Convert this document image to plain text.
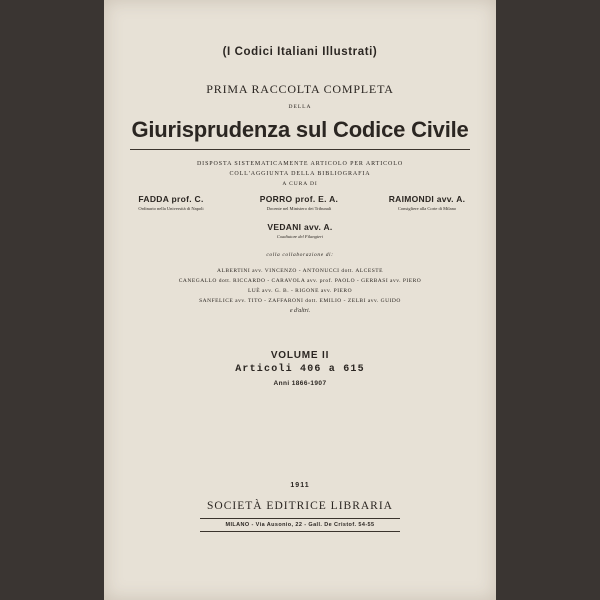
(I Codici Italiani Illustrati)
PRIMA RACCOLTA COMPLETA
DELLA
Giurisprudenza sul Codice Civile
DISPOSTA SISTEMATICAMENTE ARTICOLO PER ARTICOLO
COLL'AGGIUNTA DELLA BIBLIOGRAFIA
A CURA DI
FADDA prof. C.
Ordinario nella Università di Napoli
PORRO prof. E. A.
Docente nel Ministero dei Tribunali
RAIMONDI avv. A.
Consigliere alla Corte di Milano
VEDANI avv. A.
Coadiutore del Filangieri
colla collaborazione di:
ALBERTINI avv. VINCENZO - ANTONUCCI dott. ALCESTE
CANEGALLO dott. RICCARDO - CARAVOLA avv. prof. PAOLO - GERBASI avv. PIERO
LUÈ avv. G. B. - RIGONE avv. PIERO
SANFELICE avv. TITO - ZAFFARONI dott. EMILIO - ZELBI avv. GUIDO
e d'altri.
VOLUME II
Articoli 406 a 615
Anni 1866-1907
1911
SOCIETÀ EDITRICE LIBRARIA
MILANO - Via Ausonio, 22 - Gall. De Cristof. 54-55
